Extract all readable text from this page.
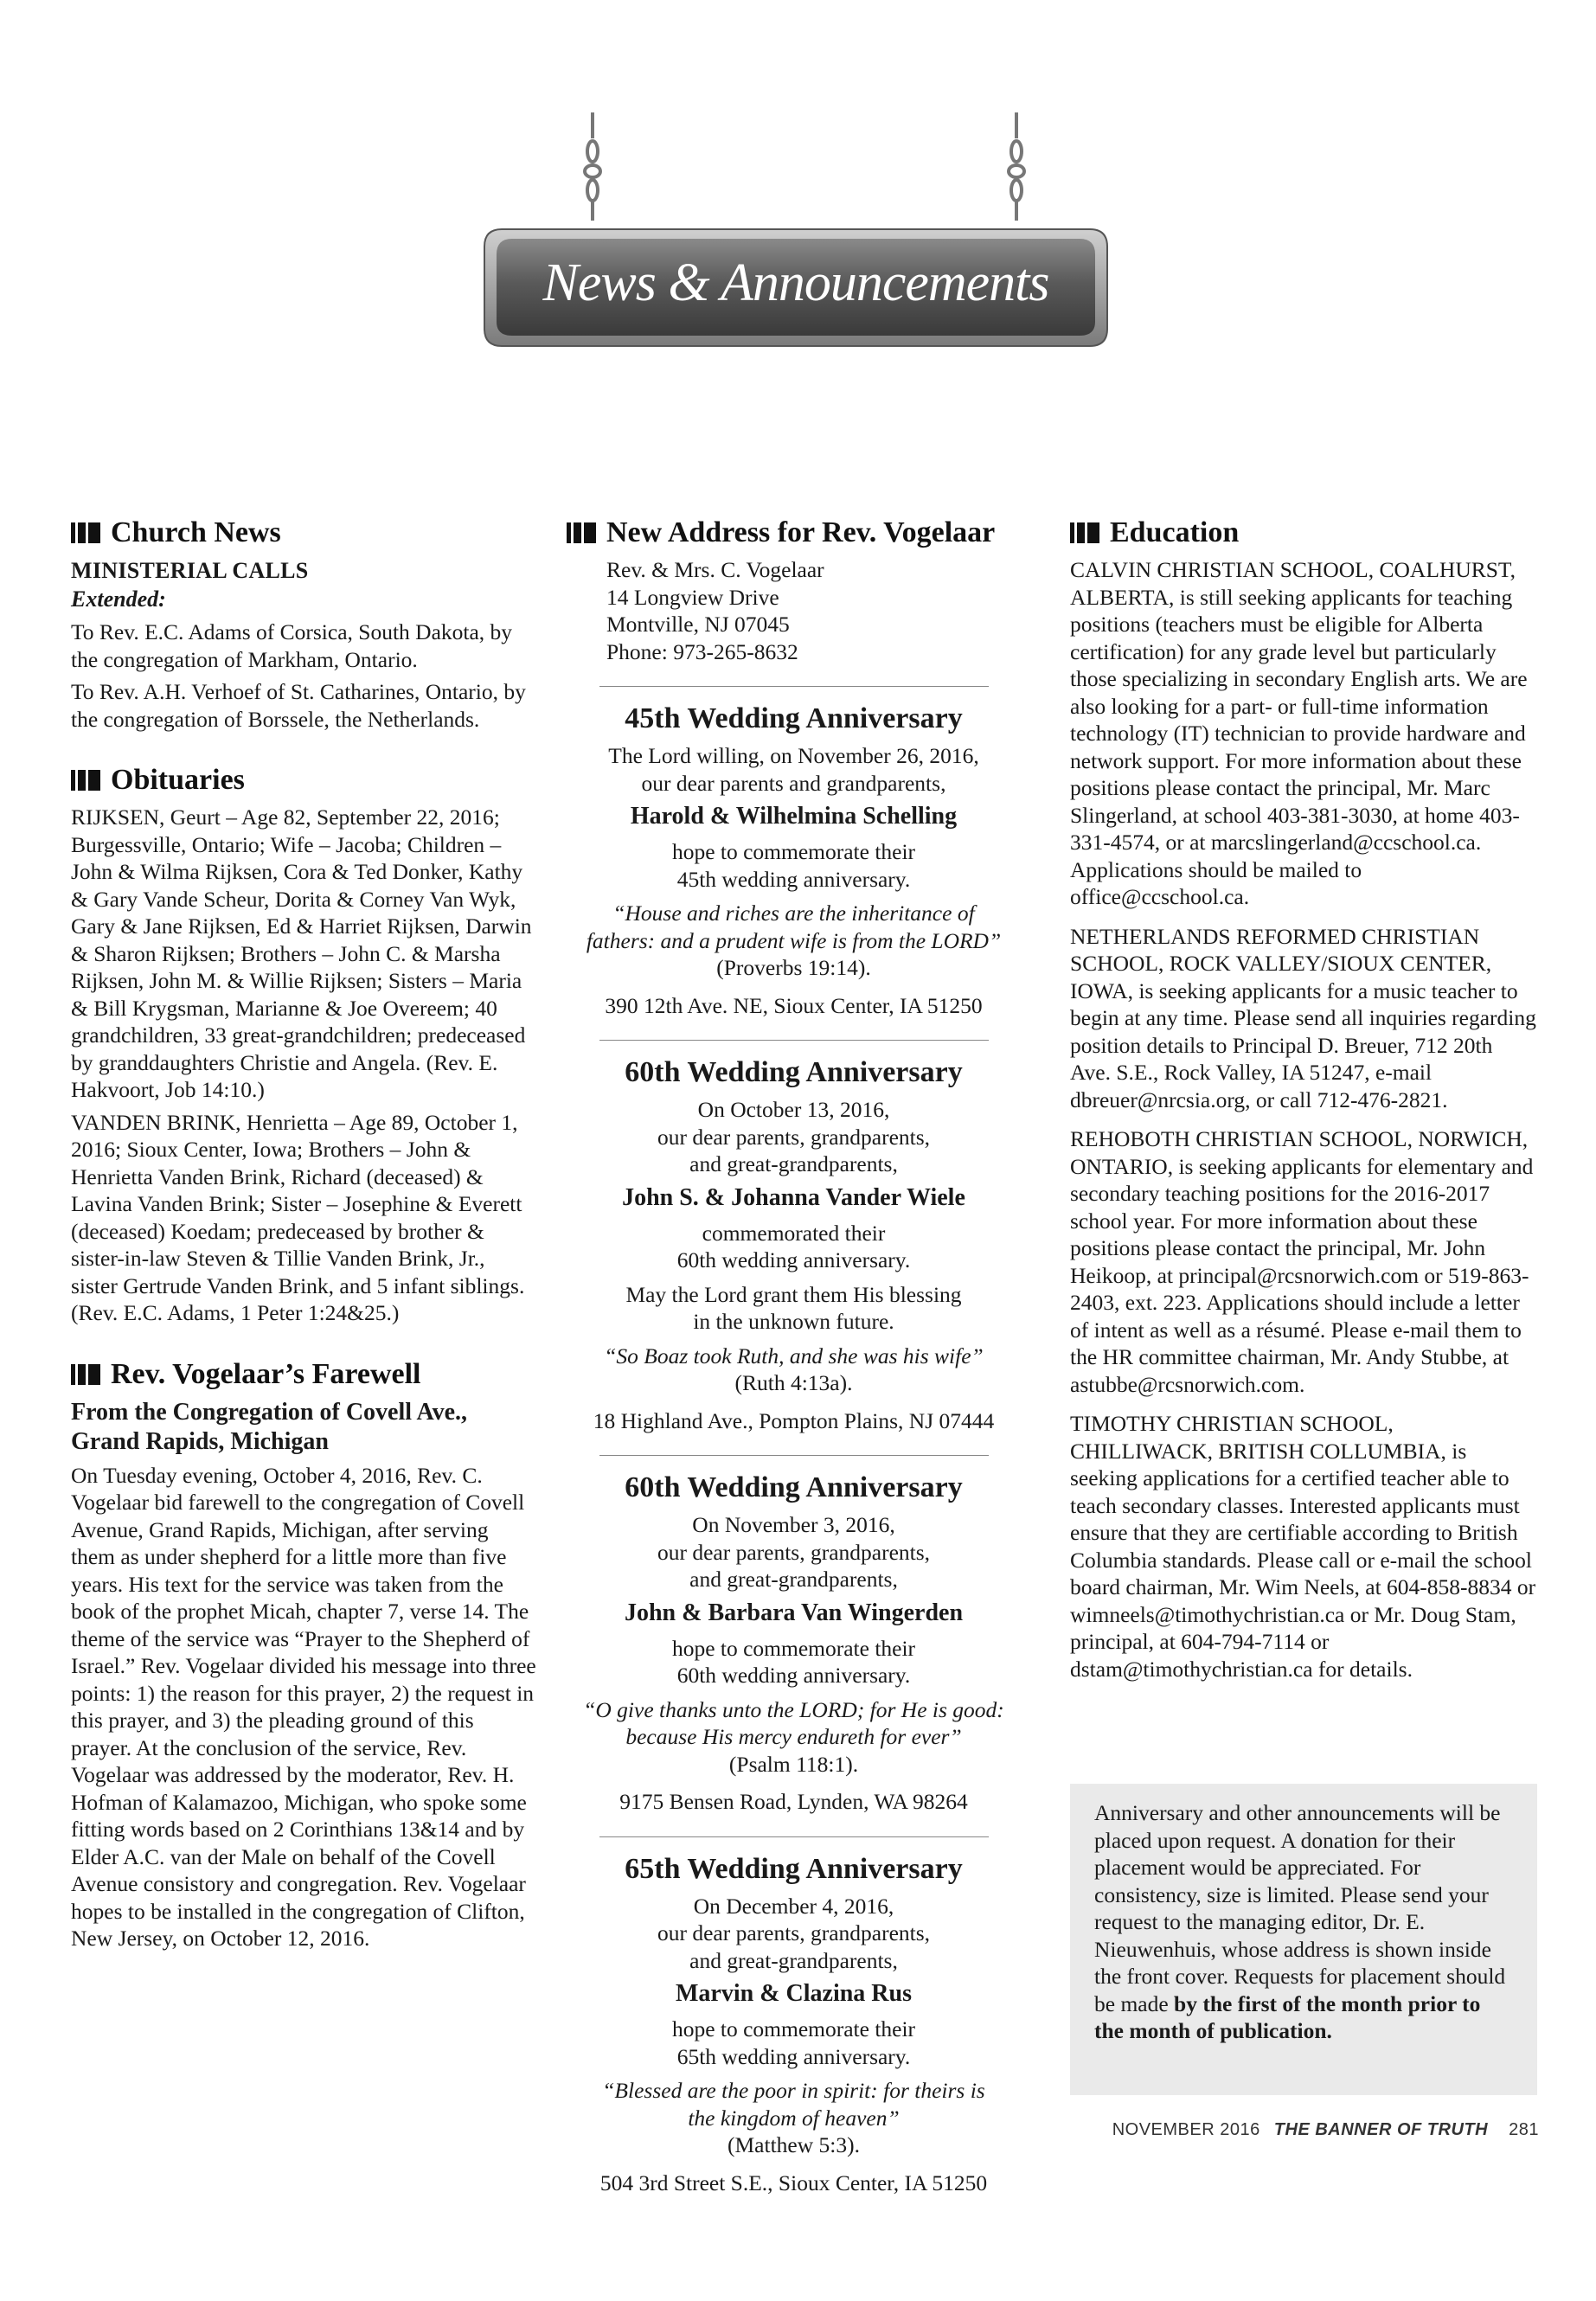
News & Announcements
Church News
MINISTERIAL CALLS
Extended:
To Rev. E.C. Adams of Corsica, South Dakota, by the congregation of Markham, Ontario.
To Rev. A.H. Verhoef of St. Catharines, Ontario, by the congregation of Borssele, the Netherlands.
Obituaries
RIJKSEN, Geurt – Age 82, September 22, 2016; Burgessville, Ontario; Wife – Jacoba; Children – John & Wilma Rijksen, Cora & Ted Donker, Kathy & Gary Vande Scheur, Dorita & Corney Van Wyk, Gary & Jane Rijksen, Ed & Harriet Rijksen, Darwin & Sharon Rijksen; Brothers – John C. & Marsha Rijksen, John M. & Willie Rijksen; Sisters – Maria & Bill Krygsman, Marianne & Joe Overeem; 40 grandchildren, 33 great-grandchildren; predeceased by granddaughters Christie and Angela. (Rev. E. Hakvoort, Job 14:10.)
VANDEN BRINK, Henrietta – Age 89, October 1, 2016; Sioux Center, Iowa; Brothers – John & Henrietta Vanden Brink, Richard (deceased) & Lavina Vanden Brink; Sister – Josephine & Everett (deceased) Koedam; predeceased by brother & sister-in-law Steven & Tillie Vanden Brink, Jr., sister Gertrude Vanden Brink, and 5 infant siblings. (Rev. E.C. Adams, 1 Peter 1:24&25.)
Rev. Vogelaar’s Farewell
From the Congregation of Covell Ave., Grand Rapids, Michigan
On Tuesday evening, October 4, 2016, Rev. C. Vogelaar bid farewell to the congregation of Covell Avenue, Grand Rapids, Michigan, after serving them as under shepherd for a little more than five years. His text for the service was taken from the book of the prophet Micah, chapter 7, verse 14. The theme of the service was “Prayer to the Shepherd of Israel.” Rev. Vogelaar divided his message into three points: 1) the reason for this prayer, 2) the request in this prayer, and 3) the pleading ground of this prayer. At the conclusion of the service, Rev. Vogelaar was addressed by the moderator, Rev. H. Hofman of Kalamazoo, Michigan, who spoke some fitting words based on 2 Corinthians 13&14 and by Elder A.C. van der Male on behalf of the Covell Avenue consistory and congregation. Rev. Vogelaar hopes to be installed in the congregation of Clifton, New Jersey, on October 12, 2016.
New Address for Rev. Vogelaar
Rev. & Mrs. C. Vogelaar
14 Longview Drive
Montville, NJ 07045
Phone: 973-265-8632
45th Wedding Anniversary
The Lord willing, on November 26, 2016,
our dear parents and grandparents,
Harold & Wilhelmina Schelling
hope to commemorate their
45th wedding anniversary.
“House and riches are the inheritance of
fathers: and a prudent wife is from the LORD”
(Proverbs 19:14).
390 12th Ave. NE, Sioux Center, IA 51250
60th Wedding Anniversary
On October 13, 2016,
our dear parents, grandparents,
and great-grandparents,
John S. & Johanna Vander Wiele
commemorated their
60th wedding anniversary.
May the Lord grant them His blessing
in the unknown future.
“So Boaz took Ruth, and she was his wife”
(Ruth 4:13a).
18 Highland Ave., Pompton Plains, NJ 07444
60th Wedding Anniversary
On November 3, 2016,
our dear parents, grandparents,
and great-grandparents,
John & Barbara Van Wingerden
hope to commemorate their
60th wedding anniversary.
“O give thanks unto the LORD; for He is good:
because His mercy endureth for ever”
(Psalm 118:1).
9175 Bensen Road, Lynden, WA 98264
65th Wedding Anniversary
On December 4, 2016,
our dear parents, grandparents,
and great-grandparents,
Marvin & Clazina Rus
hope to commemorate their
65th wedding anniversary.
“Blessed are the poor in spirit: for theirs is
the kingdom of heaven”
(Matthew 5:3).
504 3rd Street S.E., Sioux Center, IA 51250
Education
CALVIN CHRISTIAN SCHOOL, COALHURST, ALBERTA, is still seeking applicants for teaching positions (teachers must be eligible for Alberta certification) for any grade level but particularly those specializing in secondary English arts. We are also looking for a part- or full-time information technology (IT) technician to provide hardware and network support. For more information about these positions please contact the principal, Mr. Marc Slingerland, at school 403-381-3030, at home 403-331-4574, or at marcslingerland@ccschool.ca. Applications should be mailed to office@ccschool.ca.
NETHERLANDS REFORMED CHRISTIAN SCHOOL, ROCK VALLEY/SIOUX CENTER, IOWA, is seeking applicants for a music teacher to begin at any time. Please send all inquiries regarding position details to Principal D. Breuer, 712 20th Ave. S.E., Rock Valley, IA 51247, e-mail dbreuer@nrcsia.org, or call 712-476-2821.
REHOBOTH CHRISTIAN SCHOOL, NORWICH, ONTARIO, is seeking applicants for elementary and secondary teaching positions for the 2016-2017 school year. For more information about these positions please contact the principal, Mr. John Heikoop, at principal@rcsnorwich.com or 519-863-2403, ext. 223. Applications should include a letter of intent as well as a résumé. Please e-mail them to the HR committee chairman, Mr. Andy Stubbe, at astubbe@rcsnorwich.com.
TIMOTHY CHRISTIAN SCHOOL, CHILLIWACK, BRITISH COLLUMBIA, is seeking applications for a certified teacher able to teach secondary classes. Interested applicants must ensure that they are certifiable according to British Columbia standards. Please call or e-mail the school board chairman, Mr. Wim Neels, at 604-858-8834 or wimneels@timothychristian.ca or Mr. Doug Stam, principal, at 604-794-7114 or dstam@timothychristian.ca for details.
Anniversary and other announcements will be placed upon request. A donation for their placement would be appreciated. For consistency, size is limited. Please send your request to the managing editor, Dr. E. Nieuwenhuis, whose address is shown inside the front cover. Requests for placement should be made by the first of the month prior to the month of publication.
NOVEMBER 2016 THE BANNER OF TRUTH 281
